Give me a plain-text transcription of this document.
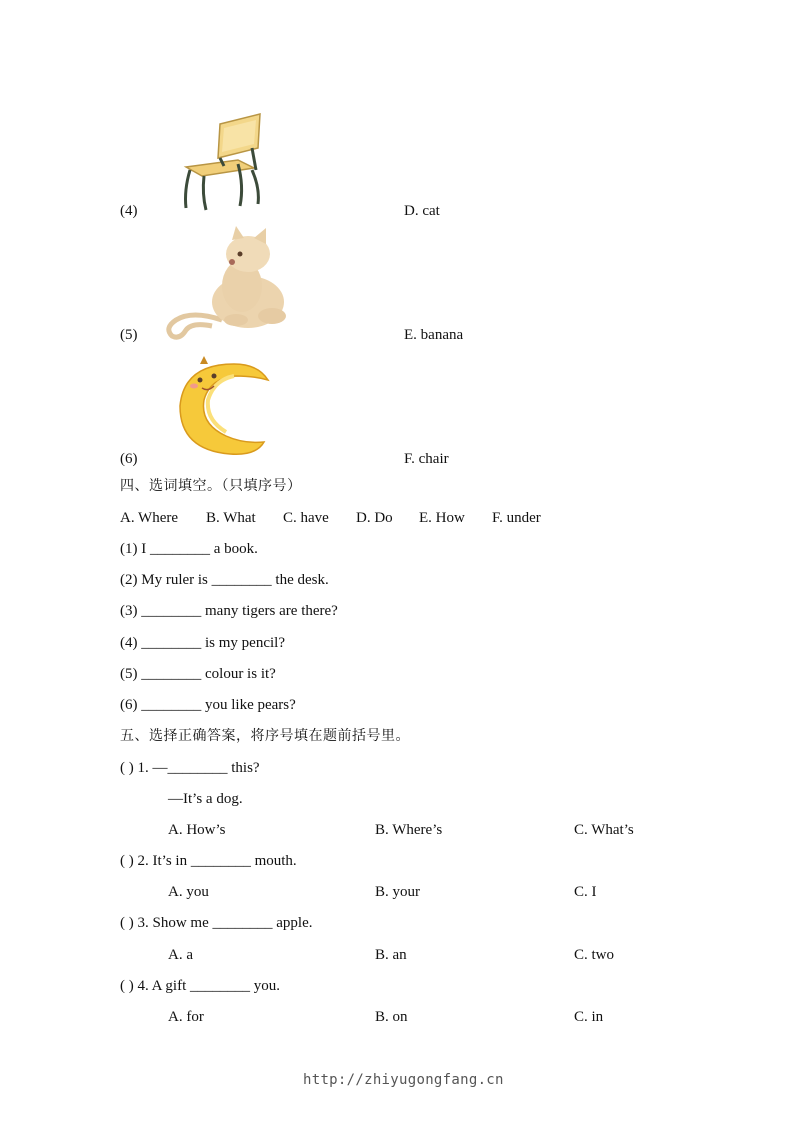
(4)	D. cat
(5)	E. banana
(6)	F. chair
四、选词填空。（只填序号）
A. Where B. What C. have D. Do E. How F. under
(1) I ________ a book.
(2) My ruler is ________ the desk.
(3) ________ many tigers are there?
(4) ________ is my pencil?
(5) ________ colour is it?
(6) ________ you like pears?
五、选择正确答案，将序号填在题前括号里。
( ) 1. —________ this?
—It’s a dog.
A. How’s	B. Where’s	C. What’s
( ) 2. It’s in ________ mouth.
A. you	B. your	C. I
( ) 3. Show me ________ apple.
A. a	B. an	C. two
( ) 4. A gift ________ you.
A. for	B. on	C. in
http://zhiyugongfang.cn
